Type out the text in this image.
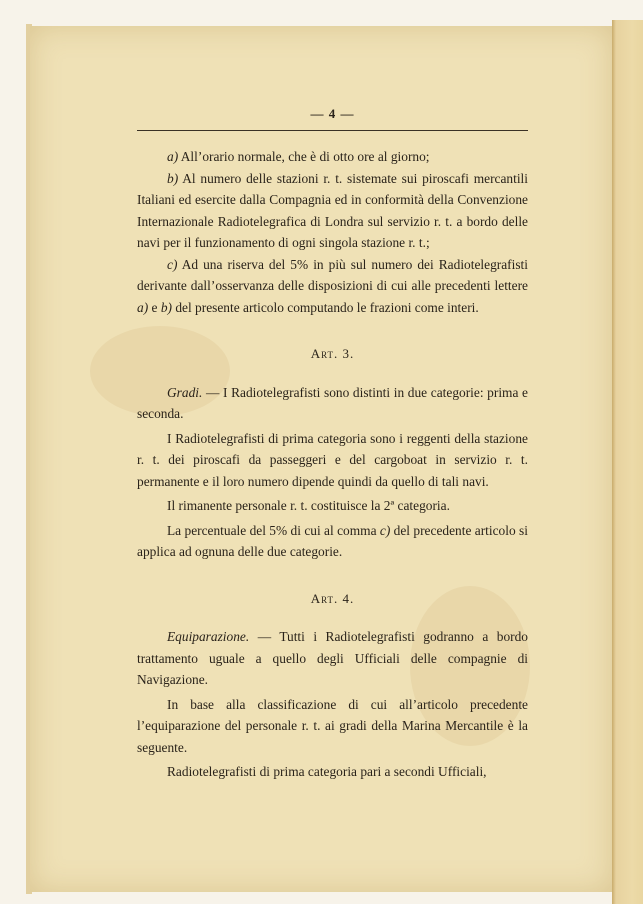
— 4 —

a) All’orario normale, che è di otto ore al giorno;

b) Al numero delle stazioni r. t. sistemate sui piroscafi mercantili Italiani ed esercite dalla Compagnia ed in conformità della Convenzione Internazionale Radiotelegrafica di Londra sul servizio r. t. a bordo delle navi per il funzionamento di ogni singola stazione r. t.;

c) Ad una riserva del 5% in più sul numero dei Radiotelegrafisti derivante dall’osservanza delle disposizioni di cui alle precedenti lettere a) e b) del presente articolo computando le frazioni come interi.

Art. 3.

Gradi. — I Radiotelegrafisti sono distinti in due categorie: prima e seconda.

I Radiotelegrafisti di prima categoria sono i reggenti della stazione r. t. dei piroscafi da passeggeri e del cargoboat in servizio r. t. permanente e il loro numero dipende quindi da quello di tali navi.

Il rimanente personale r. t. costituisce la 2ª categoria.

La percentuale del 5% di cui al comma c) del precedente articolo si applica ad ognuna delle due categorie.

Art. 4.

Equiparazione. — Tutti i Radiotelegrafisti godranno a bordo trattamento uguale a quello degli Ufficiali delle compagnie di Navigazione.

In base alla classificazione di cui all’articolo precedente l’equiparazione del personale r. t. ai gradi della Marina Mercantile è la seguente.

Radiotelegrafisti di prima categoria pari a secondi Ufficiali,
